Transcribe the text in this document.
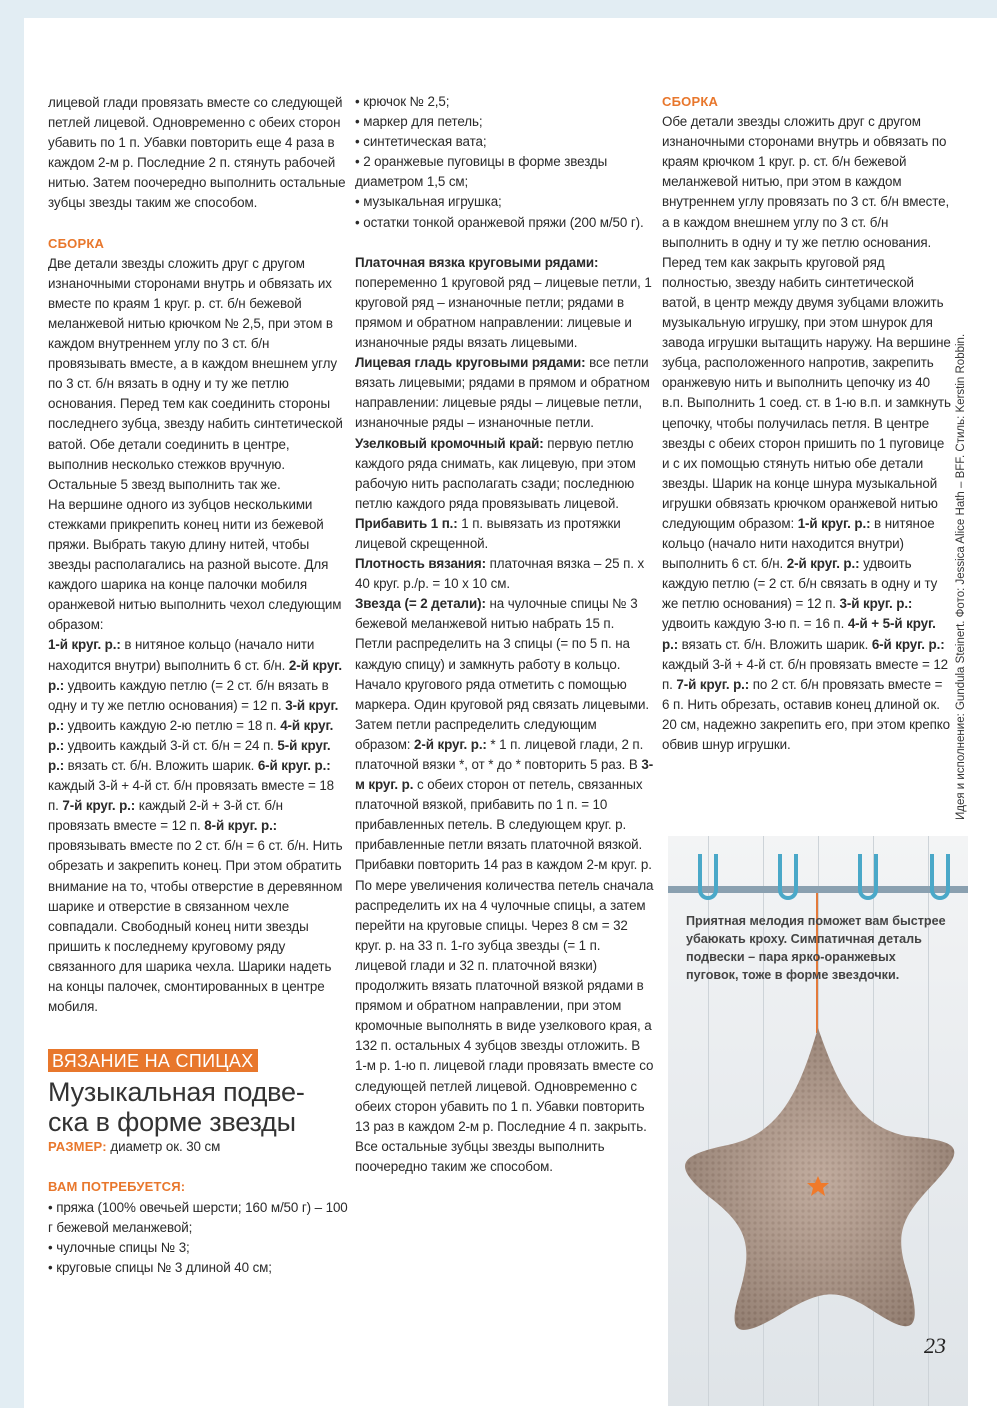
лицевой глади провязать вместе со следующей петлей лицевой. Одновременно с обеих сторон убавить по 1 п. Убавки повторить еще 4 раза в каждом 2-м р. Последние 2 п. стянуть рабочей нитью. Затем поочередно выполнить остальные зубцы звезды таким же способом.

СБОРКА

Две детали звезды сложить друг с другом изнаночными сторонами внутрь и обвязать их вместе по краям 1 круг. р. ст. б/н бежевой меланжевой нитью крючком № 2,5, при этом в каждом внутреннем углу по 3 ст. б/н провязывать вместе, а в каждом внешнем углу по 3 ст. б/н вязать в одну и ту же петлю основания. Перед тем как соединить стороны последнего зубца, звезду набить синтетической ватой. Обе детали соединить в центре, выполнив несколько стежков вручную. Остальные 5 звезд выполнить так же.

На вершине одного из зубцов несколькими стежками прикрепить конец нити из бежевой пряжи. Выбрать такую длину нитей, чтобы звезды располагались на разной высоте. Для каждого шарика на конце палочки мобиля оранжевой нитью выполнить чехол следующим образом:

1-й круг. р.: в нитяное кольцо (начало нити находится внутри) выполнить 6 ст. б/н. 2-й круг. р.: удвоить каждую петлю (= 2 ст. б/н вязать в одну и ту же петлю основания) = 12 п. 3-й круг. р.: удвоить каждую 2-ю петлю = 18 п. 4-й круг. р.: удвоить каждый 3-й ст. б/н = 24 п. 5-й круг. р.: вязать ст. б/н. Вложить шарик. 6-й круг. р.: каждый 3-й + 4-й ст. б/н провязать вместе = 18 п. 7-й круг. р.: каждый 2-й + 3-й ст. б/н провязать вместе = 12 п. 8-й круг. р.: провязывать вместе по 2 ст. б/н = 6 ст. б/н. Нить обрезать и закрепить конец. При этом обратить внимание на то, чтобы отверстие в деревянном шарике и отверстие в связанном чехле совпадали. Свободный конец нити звезды пришить к последнему круговому ряду связанного для шарика чехла. Шарики надеть на концы палочек, смонтированных в центре мобиля.

ВЯЗАНИЕ НА СПИЦАХ
Музыкальная подве-
ска в форме звезды

РАЗМЕР: диаметр ок. 30 см

ВАМ ПОТРЕБУЕТСЯ:

• пряжа (100% овечьей шерсти; 160 м/50 г) – 100 г бежевой меланжевой;

• чулочные спицы № 3;

• круговые спицы № 3 длиной 40 см;

• крючок № 2,5;

• маркер для петель;

• синтетическая вата;

• 2 оранжевые пуговицы в форме звезды диаметром 1,5 см;

• музыкальная игрушка;

• остатки тонкой оранжевой пряжи (200 м/50 г).

Платочная вязка круговыми рядами: попеременно 1 круговой ряд – лицевые петли, 1 круговой ряд – изнаночные петли; рядами в прямом и обратном направлении: лицевые и изнаночные ряды вязать лицевыми.

Лицевая гладь круговыми рядами: все петли вязать лицевыми; рядами в прямом и обратном направлении: лицевые ряды – лицевые петли, изнаночные ряды – изнаночные петли.

Узелковый кромочный край: первую петлю каждого ряда снимать, как лицевую, при этом рабочую нить располагать сзади; последнюю петлю каждого ряда провязывать лицевой.

Прибавить 1 п.: 1 п. вывязать из протяжки лицевой скрещенной.

Плотность вязания: платочная вязка – 25 п. х 40 круг. р./р. = 10 х 10 см.

Звезда (= 2 детали): на чулочные спицы № 3 бежевой меланжевой нитью набрать 15 п. Петли распределить на 3 спицы (= по 5 п. на каждую спицу) и замкнуть работу в кольцо. Начало кругового ряда отметить с помощью маркера. Один круговой ряд связать лицевыми. Затем петли распределить следующим образом: 2-й круг. р.: * 1 п. лицевой глади, 2 п. платочной вязки *, от * до * повторить 5 раз. В 3-м круг. р. с обеих сторон от петель, связанных платочной вязкой, прибавить по 1 п. = 10 прибавленных петель. В следующем круг. р. прибавленные петли вязать платочной вязкой. Прибавки повторить 14 раз в каждом 2-м круг. р. По мере увеличения количества петель сначала распределить их на 4 чулочные спицы, а затем перейти на круговые спицы. Через 8 см = 32 круг. р. на 33 п. 1-го зубца звезды (= 1 п. лицевой глади и 32 п. платочной вязки) продолжить вязать платочной вязкой рядами в прямом и обратном направлении, при этом кромочные выполнять в виде узелкового края, а 132 п. остальных 4 зубцов звезды отложить. В 1-м р. 1-ю п. лицевой глади провязать вместе со следующей петлей лицевой. Одновременно с обеих сторон убавить по 1 п. Убавки повторить 13 раз в каждом 2-м р. Последние 4 п. закрыть.

Все остальные зубцы звезды выполнить поочередно таким же способом.

СБОРКА

Обе детали звезды сложить друг с другом изнаночными сторонами внутрь и обвязать по краям крючком 1 круг. р. ст. б/н бежевой меланжевой нитью, при этом в каждом внутреннем углу провязать по 3 ст. б/н вместе, а в каждом внешнем углу по 3 ст. б/н выполнить в одну и ту же петлю основания. Перед тем как закрыть круговой ряд полностью, звезду набить синтетической ватой, в центр между двумя зубцами вложить музыкальную игрушку, при этом шнурок для завода игрушки вытащить наружу. На вершине зубца, расположенного напротив, закрепить оранжевую нить и выполнить цепочку из 40 в.п. Выполнить 1 соед. ст. в 1-ю в.п. и замкнуть цепочку, чтобы получилась петля. В центре звезды с обеих сторон пришить по 1 пуговице и с их помощью стянуть нитью обе детали звезды. Шарик на конце шнура музыкальной игрушки обвязать крючком оранжевой нитью следующим образом: 1-й круг. р.: в нитяное кольцо (начало нити находится внутри) выполнить 6 ст. б/н. 2-й круг. р.: удвоить каждую петлю (= 2 ст. б/н связать в одну и ту же петлю основания) = 12 п. 3-й круг. р.: удвоить каждую 3-ю п. = 16 п. 4-й + 5-й круг. р.: вязать ст. б/н. Вложить шарик. 6-й круг. р.: каждый 3-й + 4-й ст. б/н провязать вместе = 12 п. 7-й круг. р.: по 2 ст. б/н провязать вместе = 6 п. Нить обрезать, оставив конец длиной ок. 20 см, надежно закрепить его, при этом крепко обвив шнур игрушки.

Приятная мелодия поможет вам быстрее убаюкать кроху. Симпатичная деталь подвески – пара ярко-оранжевых пуговок, тоже в форме звездочки.
23
Идея и исполнение: Gundula Steinert. Фото: Jessica Alice Hath – BFF. Стиль: Kerstin Robbin.
